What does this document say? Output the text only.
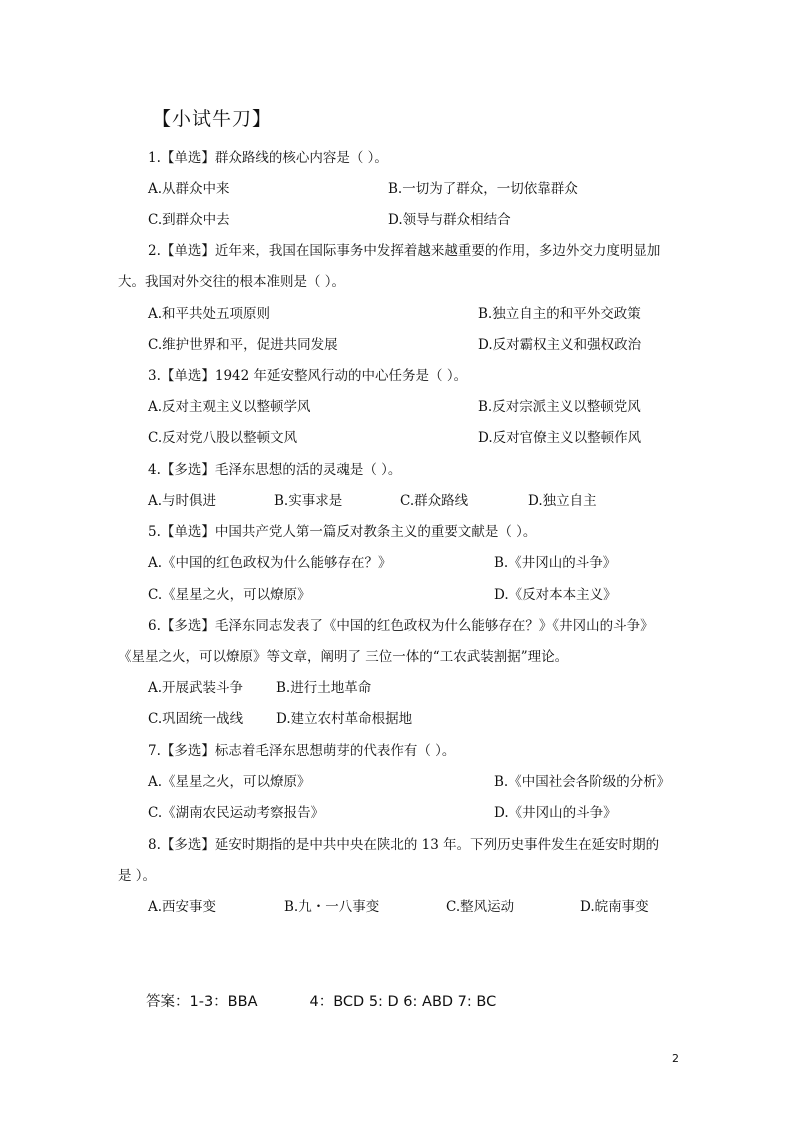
【小试牛刀】
1.【单选】群众路线的核心内容是（ ）。
A.从群众中来	B.一切为了群众，一切依靠群众
C.到群众中去	D.领导与群众相结合
2.【单选】近年来，我国在国际事务中发挥着越来越重要的作用，多边外交力度明显加
大。我国对外交往的根本准则是（ ）。
A.和平共处五项原则	B.独立自主的和平外交政策
C.维护世界和平，促进共同发展	D.反对霸权主义和强权政治
3.【单选】1942 年延安整风行动的中心任务是（ ）。
A.反对主观主义以整顿学风	B.反对宗派主义以整顿党风
C.反对党八股以整顿文风	D.反对官僚主义以整顿作风
4.【多选】毛泽东思想的活的灵魂是（ ）。
A.与时俱进	B.实事求是	C.群众路线	D.独立自主
5.【单选】中国共产党人第一篇反对教条主义的重要文献是（ ）。
A.《中国的红色政权为什么能够存在？》	B.《井冈山的斗争》
C.《星星之火，可以燎原》	D.《反对本本主义》
6.【多选】毛泽东同志发表了《中国的红色政权为什么能够存在？》《井冈山的斗争》
《星星之火，可以燎原》等文章，阐明了 三位一体的“工农武装割据”理论。
A.开展武装斗争 B.进行土地革命
C.巩固统一战线 D.建立农村革命根据地
7.【多选】标志着毛泽东思想萌芽的代表作有（ ）。
A.《星星之火，可以燎原》	B.《中国社会各阶级的分析》
C.《湖南农民运动考察报告》	D.《井冈山的斗争》
8.【多选】延安时期指的是中共中央在陕北的 13 年。下列历史事件发生在延安时期的
是 ）。
A.西安事变	B.九・一八事变	C.整风运动	D.皖南事变
答案：1-3：BBA	4：BCD 5: D 6: ABD 7: BC
2
